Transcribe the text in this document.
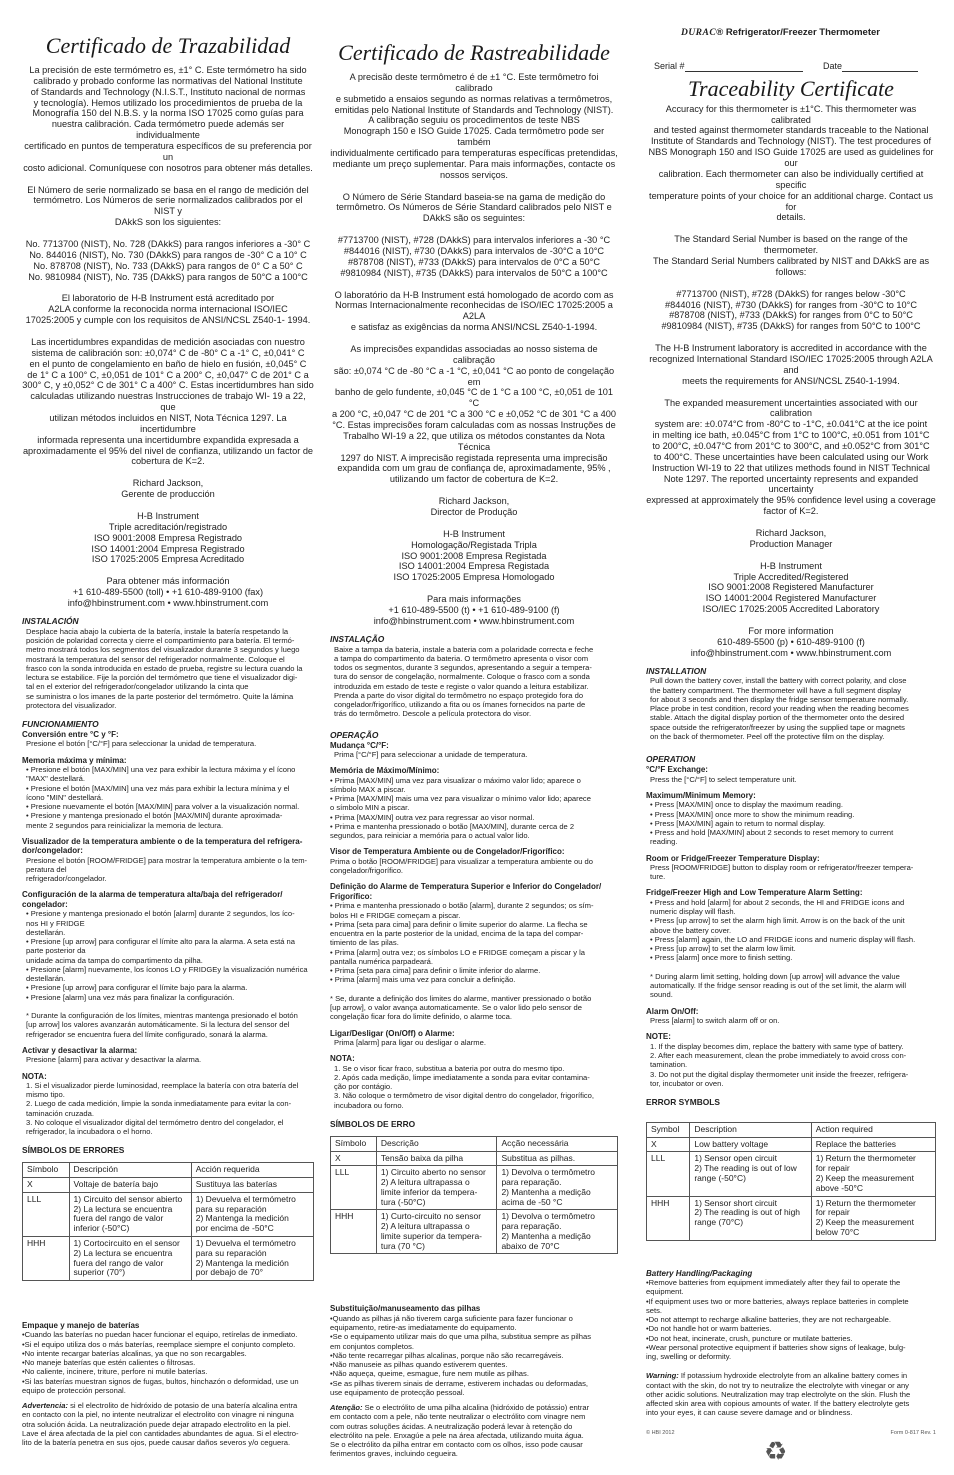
Certificado de Trazabilidad
La precisión de este termómetro es, ±1° C. Este termómetro ha sido
calibrado y probado conforme las normativas del National Institute
of Standards and Technology (N.I.S.T., Instituto nacional de normas
y tecnología). Hemos utilizado los procedimientos de prueba de la
Monografía 150 del N.B.S. y la norma ISO 17025 como guías para
nuestra calibración. Cada termómetro puede además ser individualmente
certificado en puntos de temperatura específicos de su preferencia por un
costo adicional. Comuníquese con nosotros para obtener más detalles.
El Número de serie normalizado se basa en el rango de medición del
termómetro. Los Números de serie normalizados calibrados por el NIST y
DAkkS son los siguientes:
No. 7713700 (NIST), No. 728 (DAkkS) para rangos inferiores a -30° C
No. 844016 (NIST), No. 730 (DAkkS) para rangos de -30° C a 10° C
No. 878708 (NIST), No. 733 (DAkkS) para rangos de 0° C a 50° C
No. 9810984 (NIST), No. 735 (DAkkS) para rangos de 50°C a 100°C
El laboratorio de H-B Instrument está acreditado por
A2LA conforme la reconocida norma internacional ISO/IEC
17025:2005 y cumple con los requisitos de ANSI/NCSL Z540-1- 1994.
Las incertidumbres expandidas de medición asociadas con nuestro
sistema de calibración son: ±0,074° C de -80° C a -1° C, ±0,041° C
en el punto de congelamiento en baño de hielo en fusión, ±0,045° C
de 1° C a 100° C, ±0,051 de 101° C a 200° C, ±0,047° C de 201° C a
300° C, y ±0,052° C de 301° C a 400° C. Estas incertidumbres han sido
calculadas utilizando nuestras Instrucciones de trabajo WI- 19 a 22, que
utilizan métodos incluidos en NIST, Nota Técnica 1297. La incertidumbre
informada representa una incertidumbre expandida expresada a
aproximadamente el 95% del nivel de confianza, utilizando un factor de
cobertura de K=2.
Richard Jackson,
Gerente de producción
H-B Instrument
Triple acreditación/registrado
ISO 9001:2008 Empresa Registrado
ISO 14001:2004 Empresa Registrado
ISO 17025:2005 Empresa Acreditado
Para obtener más información
+1 610-489-5500 (toll) • +1 610-489-9100 (fax)
info@hbinstrument.com • www.hbinstrument.com
INSTALACIÓN
Desplace hacia abajo la cubierta de la batería, instale la batería respetando la
posición de polaridad correcta y cierre el compartimiento para batería. El termó-
metro mostrará todos los segmentos del visualizador durante 3 segundos y luego
mostrará la temperatura del sensor del refrigerador normalmente. Coloque el
frasco con la sonda introducida en estado de prueba, registre su lectura cuando la
lectura se estabilice. Fije la porción del termómetro que tiene el visualizador digi-
tal en el exterior del refrigerador/congelador utilizando la cinta que
se suministra o los imanes de la parte posterior del termómetro. Quite la lámina
protectora del visualizador.
FUNCIONAMIENTO
Conversión entre °C y °F:
Presione el botón [°C/°F] para seleccionar la unidad de temperatura.
Memoria máxima y mínima:
• Presione el botón [MAX/MIN] una vez para exhibir la lectura máxima y el ícono
"MAX" destellará.
• Presione el botón [MAX/MIN] una vez más para exhibir la lectura mínima y el
ícono "MIN" destellará.
• Presione nuevamente el botón [MAX/MIN] para volver a la visualización normal.
• Presione y mantenga presionado el botón [MAX/MIN] durante aproximada-
mente 2 segundos para reinicializar la memoria de lectura.
Visualizador de la temperatura ambiente o de la temperatura del refrigera-
dor/congelador:
Presione el botón [ROOM/FRIDGE] para mostrar la temperatura ambiente o la tem-
peratura del
refrigerador/congelador.
Configuración de la alarma de temperatura alta/baja del refrigerador/
congelador:
• Presione y mantenga presionado el botón [alarm] durante 2 segundos, los íco-
nos HI y FRIDGE
destellarán.
• Presione [up arrow] para configurar el límite alto para la alarma. A seta está na
parte posterior da
unidade acima da tampa do compartimento da pilha.
• Presione [alarm] nuevamente, los íconos LO y FRIDGEy la visualización numérica
destellarán.
• Presione [up arrow] para configurar el límite bajo para la alarma.
• Presione [alarm] una vez más para finalizar la configuración.

* Durante la configuración de los límites, mientras mantenga presionado el botón
[up arrow] los valores avanzarán automáticamente. Si la lectura del sensor del
refrigerador se encuentra fuera del límite configurado, sonará la alarma.
Activar y desactivar la alarma:
Presione [alarm] para activar y desactivar la alarma.
NOTA:
1. Si el visualizador pierde luminosidad, reemplace la batería con otra batería del
mismo tipo.
2. Luego de cada medición, limpie la sonda inmediatamente para evitar la con-
taminación cruzada.
3. No coloque el visualizador digital del termómetro dentro del congelador, el
refrigerador, la incubadora o el horno.
SÍMBOLOS DE ERRORES
Símbolo	Descripción	Acción requerida
X	Voltaje de batería bajo	Sustituya las baterías
LLL	1) Circuito del sensor abierto
2) La lectura se encuentra
fuera del rango de valor
inferior (-50°C)	1) Devuelva el termómetro
para su reparación
2) Mantenga la medición
por encima de -50°C
HHH	1) Cortocircuito en el sensor
2) La lectura se encuentra
fuera del rango de valor
superior (70°)	1) Devuelva el termómetro
para su reparación
2) Mantenga la medición
por debajo de 70°
Empaque y manejo de baterías
•Cuando las baterías no puedan hacer funcionar el equipo, retírelas de inmediato.
•Si el equipo utiliza dos o más baterías, reemplace siempre el conjunto completo.
•No intente recargar baterías alcalinas, ya que no son recargables.
•No maneje baterías que estén calientes o filtrosas.
•No caliente, incinere, triture, perfore ni mutile baterías.
•Si las baterías muestran signos de fugas, bultos, hinchazón o deformidad, use un
equipo de protección personal.
Advertencia: si el electrolito de hidróxido de potasio de una batería alcalina entra
en contacto con la piel, no intente neutralizar el electrolito con vinagre ni ninguna
otra solución ácida. La neutralización puede dejar atrapado electrolito en la piel.
Lave el área afectada de la piel con cantidades abundantes de agua. Si el electro-
lito de la batería penetra en sus ojos, puede causar daños severos y/o ceguera.
Certificado de Rastreabilidade
A precisão deste termômetro é de ±1 °C. Este termômetro foi calibrado
e submetido a ensaios segundo as normas relativas a termômetros,
emitidas pelo National Institute of Standards and Technology (NIST).
A calibração seguiu os procedimentos de teste NBS
Monograph 150 e ISO Guide 17025. Cada termômetro pode ser também
individualmente certificado para temperaturas específicas pretendidas,
mediante um preço suplementar. Para mais informações, contacte os
nossos serviços.
O Número de Série Standard baseia-se na gama de medição do
termômetro. Os Números de Série Standard calibrados pelo NIST e
DAkkS são os seguintes:
#7713700 (NIST), #728 (DAkkS) para intervalos inferiores a -30 °C
#844016 (NIST), #730 (DAkkS) para intervalos de -30°C a 10°C
#878708 (NIST), #733 (DAkkS) para intervalos de 0°C a 50°C
#9810984 (NIST), #735 (DAkkS) para intervalos de 50°C a 100°C
O laboratório da H-B Instrument está homologado de acordo com as
Normas Internacionalmente reconhecidas de ISO/IEC 17025:2005 a A2LA
e satisfaz as exigências da norma ANSI/NCSL Z540-1-1994.
As imprecisões expandidas associadas ao nosso sistema de calibração
são: ±0,074 °C de -80 °C a -1 °C, ±0,041 °C ao ponto de congelação em
banho de gelo fundente, ±0,045 °C de 1 °C a 100 °C, ±0,051 de 101 °C
a 200 °C, ±0,047 °C de 201 °C a 300 °C e ±0,052 °C de 301 °C a 400
°C. Estas imprecisões foram calculadas com as nossas Instruções de
Trabalho WI-19 a 22, que utiliza os métodos constantes da Nota Técnica
1297 do NIST. A imprecisão registada representa uma imprecisão
expandida com um grau de confiança de, aproximadamente, 95% ,
utilizando um factor de cobertura de K=2.
Richard Jackson,
Director de Produção
H-B Instrument
Homologação/Registada Tripla
ISO 9001:2008 Empresa Registada
ISO 14001:2004 Empresa Registada
ISO 17025:2005 Empresa Homologado
Para mais informações
+1 610-489-5500 (t) • +1 610-489-9100 (f)
info@hbinstrument.com • www.hbinstrument.com
INSTALAÇÃO
Baixe a tampa da bateria, instale a bateria com a polaridade correcta e feche
a tampa do compartimento da bateria. O termômetro apresenta o visor com
todos os segmentos, durante 3 segundos, apresentando a seguir a tempera-
tura do sensor de congelação, normalmente. Coloque o frasco com a sonda
introduzida em estado de teste e registe o valor quando a leitura estabilizar.
Prenda a parte do visor digital do termômetro no espaço protegido fora do
congelador/frigorífico, utilizando a fita ou os ímanes fornecidos na parte de
trás do termômetro. Descole a película protectora do visor.
OPERAÇÃO
Mudança °C/°F:
Prima [°C/°F] para seleccionar a unidade de temperatura.
Memória de Máximo/Mínimo:
• Prima [MAX/MIN] uma vez para visualizar o máximo valor lido; aparece o
símbolo MAX a piscar.
• Prima [MAX/MIN] mais uma vez para visualizar o mínimo valor lido; aparece
o símbolo MIN a piscar.
• Prima [MAX/MIN] outra vez para regressar ao visor normal.
• Prima e mantenha pressionado o botão [MAX/MIN], durante cerca de 2
segundos, para reiniciar a memória para o actual valor lido.
Visor de Temperatura Ambiente ou de Congelador/Frigorífico:
Prima o botão [ROOM/FRIDGE] para visualizar a temperatura ambiente ou do
congelador/frigorífico.
Definição do Alarme de Temperatura Superior e Inferior do Congelador/
Frigorífico:
• Prima e mantenha pressionado o botão [alarm], durante 2 segundos; os sím-
bolos HI e FRIDGE começam a piscar.
• Prima [seta para cima] para definir o limite superior do alarme. La flecha se
encuentra en la parte posterior de la unidad, encima de la tapa del compar-
timiento de las pilas.
• Prima [alarm] outra vez; os símbolos LO e FRIDGE começam a piscar y la
pantalla numérica parpadeará.
• Prima [seta para cima] para definir o limite inferior do alarme.
• Prima [alarm] mais uma vez para concluir a definição.

* Se, durante a definição dos limites do alarme, mantiver pressionado o botão
[up arrow], o valor avança automaticamente. Se o valor lido pelo sensor de
congelação ficar fora do limite definido, o alarme toca.
Ligar/Desligar (On/Off) o Alarme:
Prima [alarm] para ligar ou desligar o alarme.
NOTA:
1. Se o visor ficar fraco, substitua a bateria por outra do mesmo tipo.
2. Após cada medição, limpe imediatamente a sonda para evitar contamina-
ção por contágio.
3. Não coloque o termômetro de visor digital dentro do congelador, frigorífico,
incubadora ou forno.
SÍMBOLOS DE ERRO
Símbolo	Descrição	Acção necessária
X	Tensão baixa da pilha	Substitua as pilhas.
LLL	1) Circuito aberto no sensor
2) A leitura ultrapassa o
limite inferior da tempera-
tura (-50°C)	1) Devolva o termômetro
para reparação.
2) Mantenha a medição
acima de -50 °C
HHH	1) Curto-circuito no sensor
2) A leitura ultrapassa o
limite superior da tempera-
tura (70 °C)	1) Devolva o termômetro
para reparação.
2) Mantenha a medição
abaixo de 70°C
Substituição/manuseamento das pilhas
•Quando as pilhas já não tiverem carga suficiente para fazer funcionar o
equipamento, retire-as imediatamente do equipamento.
•Se o equipamento utilizar mais do que uma pilha, substitua sempre as pilhas
em conjuntos completos.
•Não tente recarregar pilhas alcalinas, porque não são recarregáveis.
•Não manuseie as pilhas quando estiverem quentes.
•Não aqueça, queime, esmague, fure nem mutile as pilhas.
•Se as pilhas tiverem sinais de derrame, estiverem inchadas ou deformadas,
use equipamento de protecção pessoal.
Atenção: Se o electrólito de uma pilha alcalina (hidróxido de potássio) entrar
em contacto com a pele, não tente neutralizar o electrólito com vinagre nem
com outras soluções ácidas. A neutralização poderá levar à retenção do
electrólito na pele. Enxagúe a pele na área afectada, utilizando muita água.
Se o electrólito da pilha entrar em contacto com os olhos, isso pode causar
ferimentos graves, incluindo cegueira.
DURAC® Refrigerator/Freezer Thermometer
Serial #	Date
Traceability Certificate
Accuracy for this thermometer is ±1°C. This thermometer was calibrated
and tested against thermometer standards traceable to the National
Institute of Standards and Technology (NIST). The test procedures of
NBS Monograph 150 and ISO Guide 17025 are used as guidelines for our
calibration. Each thermometer can also be individually certified at specific
temperature points of your choice for an additional charge. Contact us for
details.
The Standard Serial Number is based on the range of the thermometer.
The Standard Serial Numbers calibrated by NIST and DAkkS are as
follows:
#7713700 (NIST), #728 (DAkkS) for ranges below -30°C
#844016 (NIST), #730 (DAkkS) for ranges from -30°C to 10°C
#878708 (NIST), #733 (DAkkS) for ranges from 0°C to 50°C
#9810984 (NIST), #735 (DAkkS) for ranges from 50°C to 100°C
The H-B Instrument laboratory is accredited in accordance with the
recognized International Standard ISO/IEC 17025:2005 through A2LA and
meets the requirements for ANSI/NCSL Z540-1-1994.
The expanded measurement uncertainties associated with our calibration
system are: ±0.074°C from -80°C to -1°C, ±0.041°C at the ice point
in melting ice bath, ±0.045°C from 1°C to 100°C, ±0.051 from 101°C
to 200°C, ±0.047°C from 201°C to 300°C, and ±0.052°C from 301°C
to 400°C. These uncertainties have been calculated using our Work
Instruction WI-19 to 22 that utilizes methods found in NIST Technical
Note 1297. The reported uncertainty represents and expanded uncertainty
expressed at approximately the 95% confidence level using a coverage
factor of K=2.
Richard Jackson,
Production Manager
H-B Instrument
Triple Accredited/Registered
ISO 9001:2008 Registered Manufacturer
ISO 14001:2004 Registered Manufacturer
ISO/IEC 17025:2005 Accredited Laboratory
For more information
610-489-5500 (p) • 610-489-9100 (f)
info@hbinstrument.com • www.hbinstrument.com
INSTALLATION
Pull down the battery cover, install the battery with correct polarity, and close
the battery compartment. The thermometer will have a full segment display
for about 3 seconds and then display the fridge sensor temperature normally.
Place probe in test condition, record your reading when the reading becomes
stable. Attach the digital display portion of the thermometer onto the desired
space outside the refrigerator/freezer by using the supplied tape or magnets
on the back of thermometer. Peel off the protective film on the display.
OPERATION
°C/°F Exchange:
Press the [°C/°F] to select temperature unit.
Maximum/Minimum Memory:
• Press [MAX/MIN] once to display the maximum reading.
• Press [MAX/MIN] once more to show the minimum reading.
• Press [MAX/MIN] again to return to normal display.
• Press and hold [MAX/MIN] about 2 seconds to reset memory to current
reading.
Room or Fridge/Freezer Temperature Display:
Press [ROOM/FRIDGE] button to display room or refrigerator/freezer tempera-
ture.
Fridge/Freezer High and Low Temperature Alarm Setting:
• Press and hold [alarm] for about 2 seconds, the HI and FRIDGE icons and
numeric display will flash.
• Press [up arrow] to set the alarm high limit. Arrow is on the back of the unit
above the battery cover.
• Press [alarm] again, the LO and FRIDGE icons and numeric display will flash.
• Press [up arrow] to set the alarm low limit.
• Press [alarm] once more to finish setting.

* During alarm limit setting, holding down [up arrow] will advance the value
automatically. If the fridge sensor reading is out of the set limit, the alarm will
sound.
Alarm On/Off:
Press [alarm] to switch alarm off or on.
NOTE:
1. If the display becomes dim, replace the battery with same type of battery.
2. After each measurement, clean the probe immediately to avoid cross con-
tamination.
3. Do not put the digital display thermometer unit inside the freezer, refrigera-
tor, incubator or oven.
ERROR SYMBOLS
Symbol	Description	Action required
X	Low battery voltage	Replace the batteries
LLL	1) Sensor open circuit
2) The reading is out of low
range (-50°C)	1) Return the thermometer
for repair
2) Keep the measurement
above -50°C
HHH	1) Sensor short circuit
2) The reading is out of high
range (70°C)	1) Return the thermometer
for repair
2) Keep the measurement
below 70°C
Battery Handling/Packaging
•Remove batteries from equipment immediately after they fail to operate the
equipment.
•If equipment uses two or more batteries, always replace batteries in complete
sets.
•Do not attempt to recharge alkaline batteries, they are not rechargeable.
•Do not handle hot or warm batteries.
•Do not heat, incinerate, crush, puncture or mutilate batteries.
•Wear personal protective equipment if batteries show signs of leakage, bulg-
ing, swelling or deformity.
Warning: If potassium hydroxide electrolyte from an alkaline battery comes in
contact with the skin, do not try to neutralize the electrolyte with vinegar or any
other acidic solutions. Neutralization may trap electrolyte on the skin. Flush the
affected skin area with copious amounts of water. If the battery electrolyte gets
into your eyes, it can cause severe damage and or blindness.
© HBI 2012	Form 0-817 Rev. 1
♻
